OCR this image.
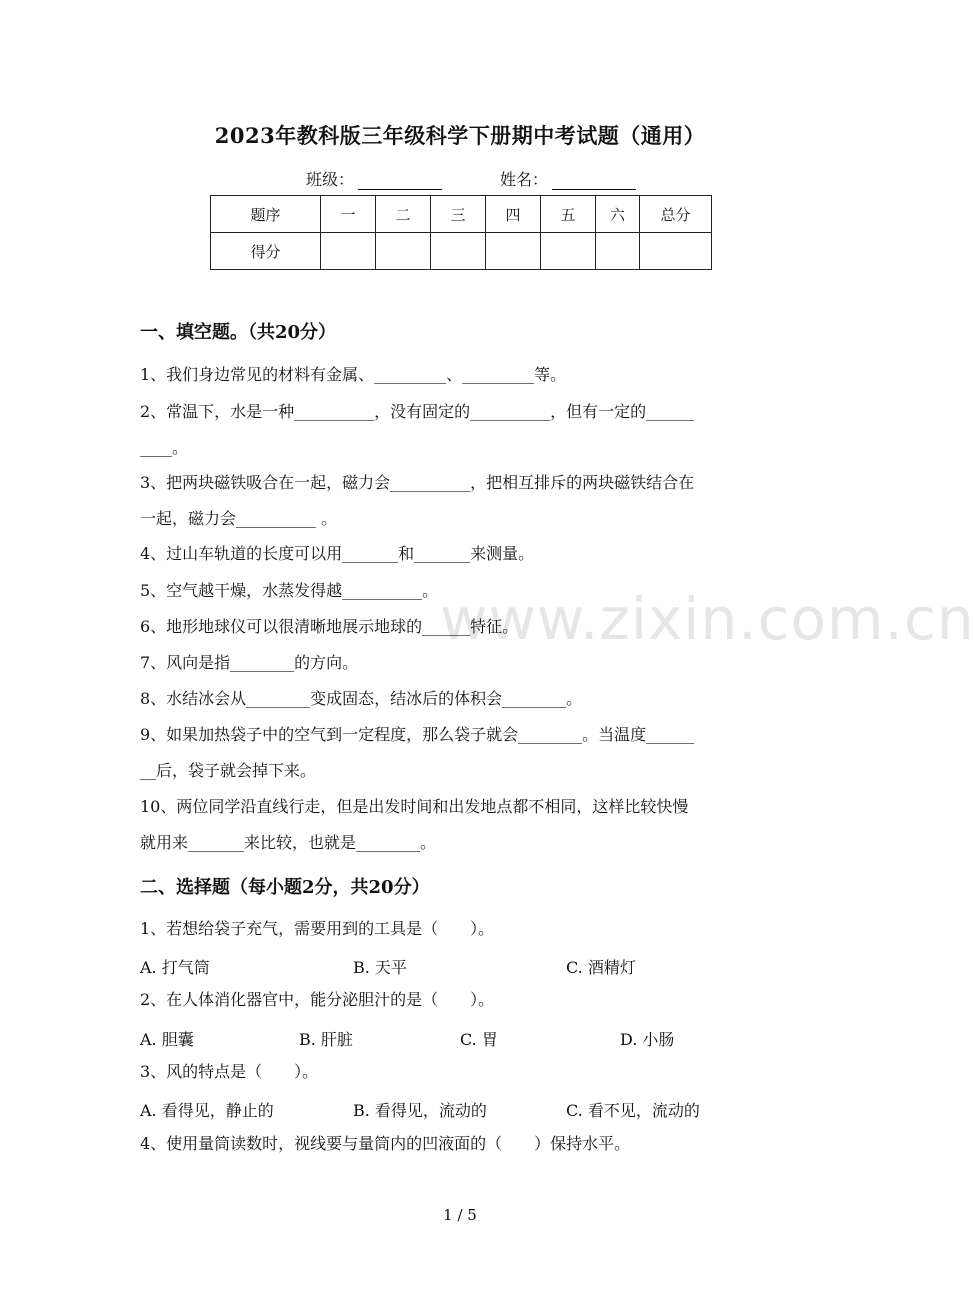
www.zixin.com.cn
2023年教科版三年级科学下册期中考试题（通用）
班级：	姓名：
题序	一	二	三	四	五	六	总分
得分							
一、填空题。（共20分）
1、我们身边常见的材料有金属、_________、_________等。
2、常温下，水是一种__________，没有固定的__________，但有一定的______
____。
3、把两块磁铁吸合在一起，磁力会__________，把相互排斥的两块磁铁结合在
一起，磁力会__________ 。
4、过山车轨道的长度可以用_______和_______来测量。
5、空气越干燥，水蒸发得越__________。
6、地形地球仪可以很清晰地展示地球的______特征。
7、风向是指________的方向。
8、水结冰会从________变成固态，结冰后的体积会________。
9、如果加热袋子中的空气到一定程度，那么袋子就会________。当温度______
__后，袋子就会掉下来。
10、两位同学沿直线行走，但是出发时间和出发地点都不相同，这样比较快慢
就用来_______来比较，也就是________。
二、选择题（每小题2分，共20分）
1、若想给袋子充气，需要用到的工具是（　　）。
A. 打气筒	B. 天平	C. 酒精灯
2、在人体消化器官中，能分泌胆汁的是（　　）。
A. 胆囊	B. 肝脏	C. 胃	D. 小肠
3、风的特点是（　　）。
A. 看得见，静止的	B. 看得见，流动的	C. 看不见，流动的
4、使用量筒读数时，视线要与量筒内的凹液面的（　　）保持水平。
1 / 5
